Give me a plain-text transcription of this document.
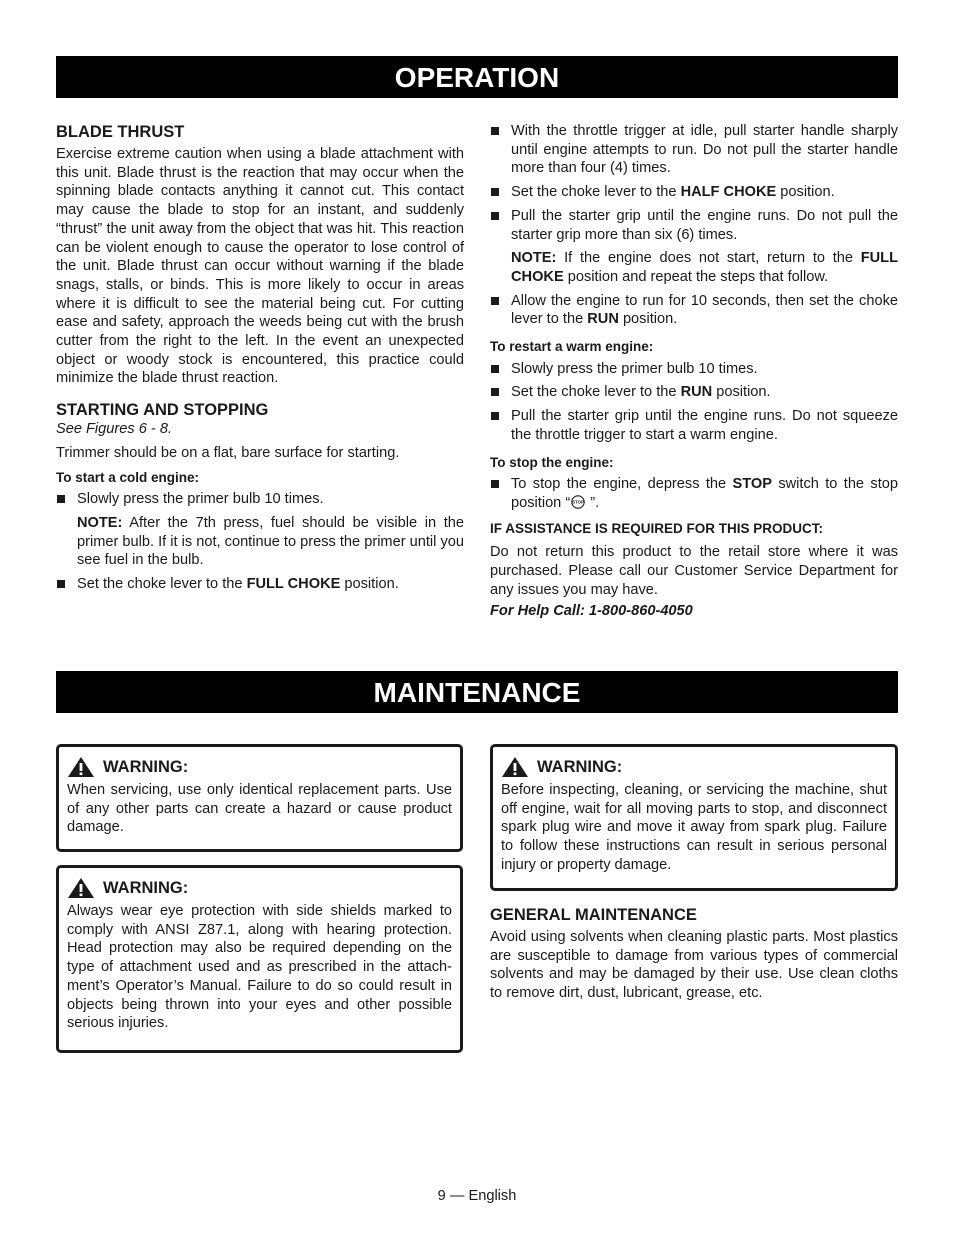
OPERATION
BLADE THRUST

Exercise extreme caution when using a blade attachment with this unit. Blade thrust is the reaction that may occur when the spinning blade contacts anything it cannot cut. This contact may cause the blade to stop for an instant, and suddenly “thrust” the unit away from the object that was hit. This reaction can be violent enough to cause the operator to lose control of the unit. Blade thrust can occur without warning if the blade snags, stalls, or binds. This is more likely to occur in areas where it is difficult to see the material being cut. For cutting ease and safety, approach the weeds being cut with the brush cutter from the right to the left. In the event an unexpected object or woody stock is encountered, this practice could minimize the blade thrust reaction.

STARTING AND STOPPING

See Figures 6 - 8.

Trimmer should be on a flat, bare surface for starting.

To start a cold engine:
Slowly press the primer bulb 10 times.

NOTE: After the 7th press, fuel should be visible in the primer bulb. If it is not, continue to press the primer until you see fuel in the bulb.

Set the choke lever to the FULL CHOKE position.
With the throttle trigger at idle, pull starter handle sharply until engine attempts to run. Do not pull the starter handle more than four (4) times.
Set the choke lever to the HALF CHOKE position.
Pull the starter grip until the engine runs. Do not pull the starter grip more than six (6) times.

NOTE: If the engine does not start, return to the FULL CHOKE position and repeat the steps that follow.

Allow the engine to run for 10 seconds, then set the choke lever to the RUN position.
To restart a warm engine:
Slowly press the primer bulb 10 times.
Set the choke lever to the RUN position.
Pull the starter grip until the engine runs. Do not squeeze the throttle trigger to start a warm engine.
To stop the engine:
To stop the engine, depress the STOP switch to the stop position “ STOP ”.
IF ASSISTANCE IS REQUIRED FOR THIS PRODUCT:

Do not return this product to the retail store where it was purchased. Please call our Customer Service Department for any issues you may have.

For Help Call: 1-800-860-4050

MAINTENANCE
WARNING:

When servicing, use only identical replacement parts. Use of any other parts can create a hazard or cause product damage.

WARNING:

Always wear eye protection with side shields marked to comply with ANSI Z87.1, along with hearing protection. Head protection may also be required depending on the type of attachment used and as prescribed in the attach-ment’s Operator’s Manual. Failure to do so could result in objects being thrown into your eyes and other possible serious injuries.

WARNING:

Before inspecting, cleaning, or servicing the machine, shut off engine, wait for all moving parts to stop, and disconnect spark plug wire and move it away from spark plug. Failure to follow these instructions can result in serious personal injury or property damage.

GENERAL MAINTENANCE

Avoid using solvents when cleaning plastic parts. Most plastics are susceptible to damage from various types of commercial solvents and may be damaged by their use. Use clean cloths to remove dirt, dust, lubricant, grease, etc.

9 — English
